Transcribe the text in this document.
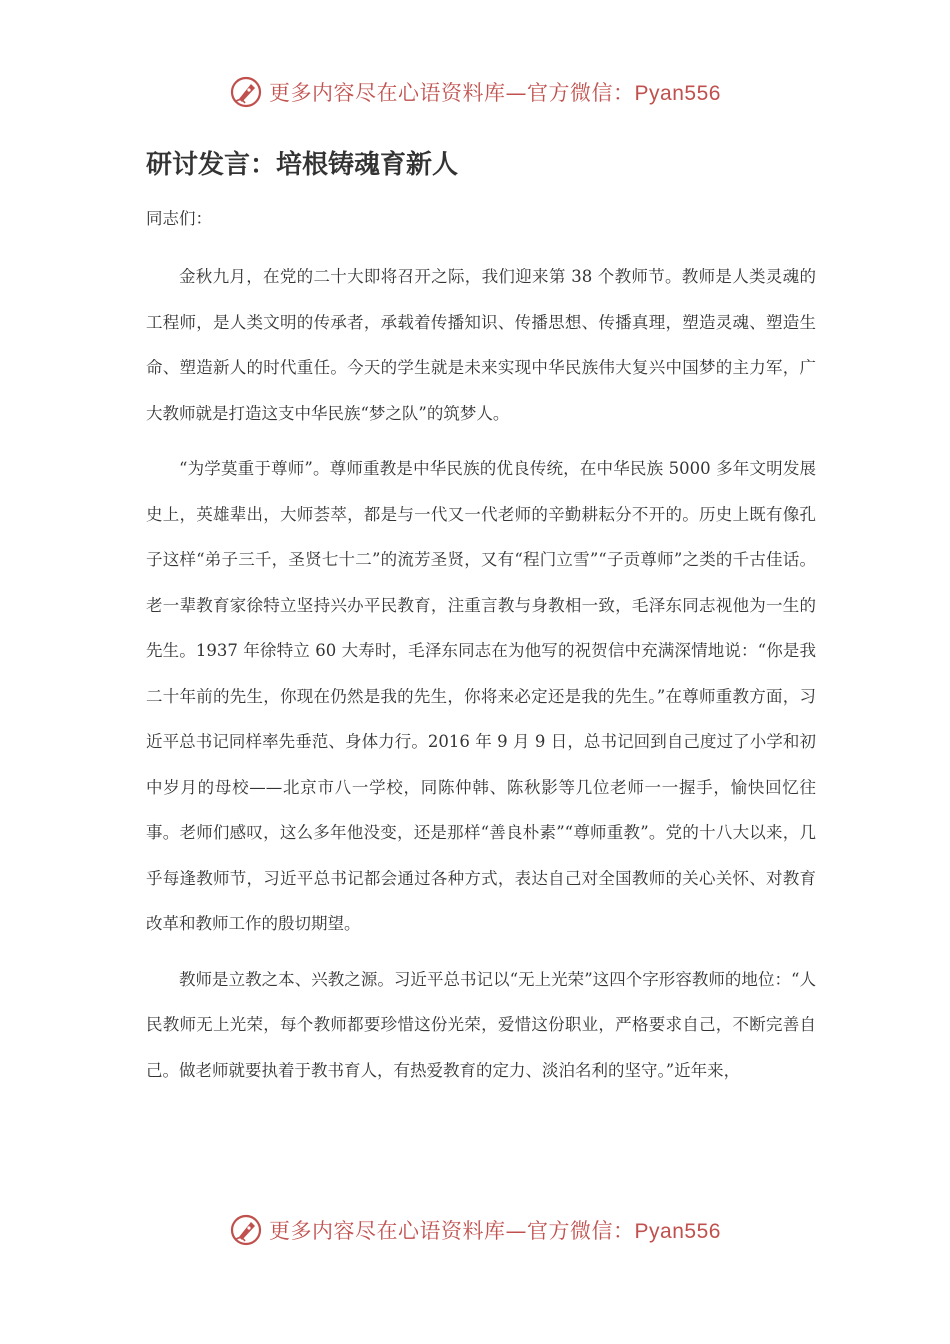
更多内容尽在心语资料库—官方微信：Pyan556
研讨发言：培根铸魂育新人

同志们：

金秋九月，在党的二十大即将召开之际，我们迎来第 38 个教师节。教师是人类灵魂的工程师，是人类文明的传承者，承载着传播知识、传播思想、传播真理，塑造灵魂、塑造生命、塑造新人的时代重任。今天的学生就是未来实现中华民族伟大复兴中国梦的主力军，广大教师就是打造这支中华民族“梦之队”的筑梦人。

“为学莫重于尊师”。尊师重教是中华民族的优良传统，在中华民族 5000 多年文明发展史上，英雄辈出，大师荟萃，都是与一代又一代老师的辛勤耕耘分不开的。历史上既有像孔子这样“弟子三千，圣贤七十二”的流芳圣贤，又有“程门立雪”“子贡尊师”之类的千古佳话。老一辈教育家徐特立坚持兴办平民教育，注重言教与身教相一致，毛泽东同志视他为一生的先生。1937 年徐特立 60 大寿时，毛泽东同志在为他写的祝贺信中充满深情地说：“你是我二十年前的先生，你现在仍然是我的先生，你将来必定还是我的先生。”在尊师重教方面，习近平总书记同样率先垂范、身体力行。2016 年 9 月 9 日，总书记回到自己度过了小学和初中岁月的母校——北京市八一学校，同陈仲韩、陈秋影等几位老师一一握手，愉快回忆往事。老师们感叹，这么多年他没变，还是那样“善良朴素”“尊师重教”。党的十八大以来，几乎每逢教师节，习近平总书记都会通过各种方式，表达自己对全国教师的关心关怀、对教育改革和教师工作的殷切期望。

教师是立教之本、兴教之源。习近平总书记以“无上光荣”这四个字形容教师的地位：“人民教师无上光荣，每个教师都要珍惜这份光荣，爱惜这份职业，严格要求自己，不断完善自己。做老师就要执着于教书育人，有热爱教育的定力、淡泊名利的坚守。”近年来，

更多内容尽在心语资料库—官方微信：Pyan556
